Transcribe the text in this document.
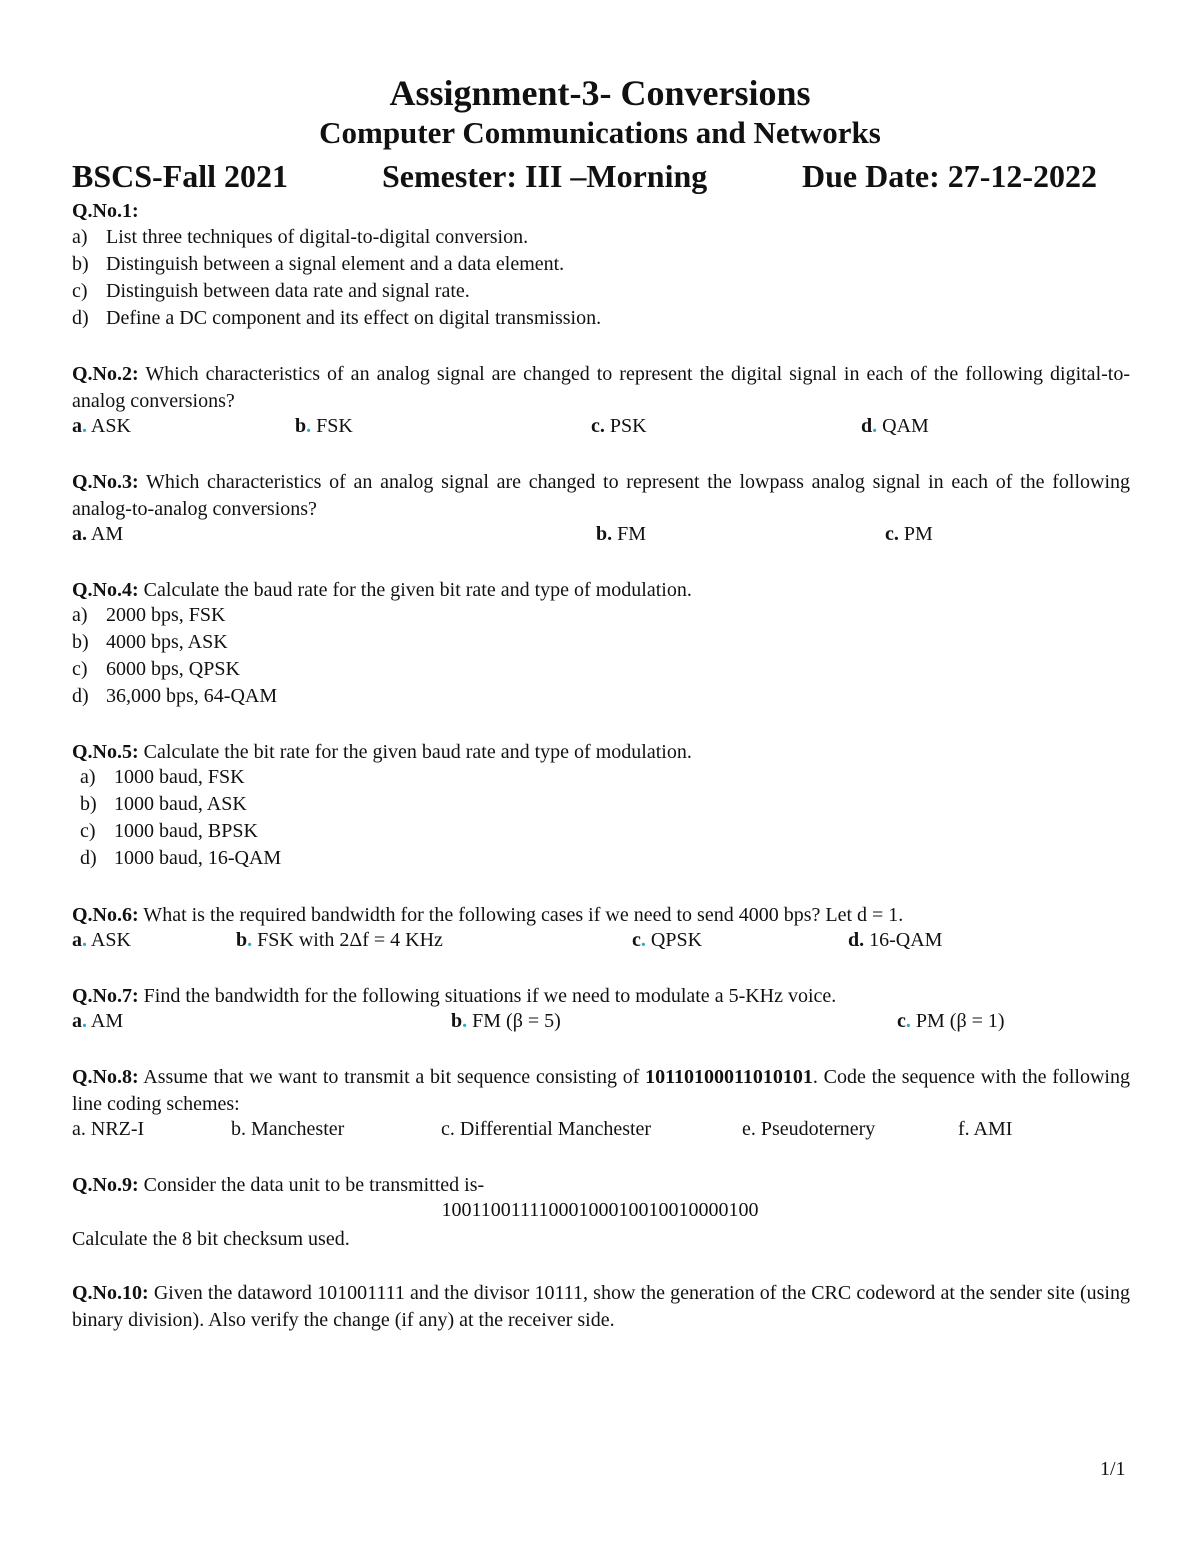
Assignment-3- Conversions
Computer Communications and Networks
BSCS-Fall 2021	Semester: III –Morning	Due Date: 27-12-2022
Q.No.1:
a) List three techniques of digital-to-digital conversion.
b) Distinguish between a signal element and a data element.
c) Distinguish between data rate and signal rate.
d) Define a DC component and its effect on digital transmission.
Q.No.2: Which characteristics of an analog signal are changed to represent the digital signal in each of the following digital-to-analog conversions?
a. ASK	b. FSK	c. PSK	d. QAM
Q.No.3: Which characteristics of an analog signal are changed to represent the lowpass analog signal in each of the following analog-to-analog conversions?
a. AM	b. FM	c. PM
Q.No.4: Calculate the baud rate for the given bit rate and type of modulation.
a) 2000 bps, FSK
b) 4000 bps, ASK
c) 6000 bps, QPSK
d) 36,000 bps, 64-QAM
Q.No.5: Calculate the bit rate for the given baud rate and type of modulation.
a) 1000 baud, FSK
b) 1000 baud, ASK
c) 1000 baud, BPSK
d) 1000 baud, 16-QAM
Q.No.6: What is the required bandwidth for the following cases if we need to send 4000 bps? Let d = 1.
a. ASK	b. FSK with 2Δf = 4 KHz	c. QPSK	d. 16-QAM
Q.No.7: Find the bandwidth for the following situations if we need to modulate a 5-KHz voice.
a. AM	b. FM (β = 5)	c. PM (β = 1)
Q.No.8: Assume that we want to transmit a bit sequence consisting of 10110100011010101. Code the sequence with the following line coding schemes:
a. NRZ-I	b. Manchester	c. Differential Manchester	e. Pseudoternery	f. AMI
Q.No.9: Consider the data unit to be transmitted is-
10011001111000100010010010000100
Calculate the 8 bit checksum used.
Q.No.10: Given the dataword 101001111 and the divisor 10111, show the generation of the CRC codeword at the sender site (using binary division). Also verify the change (if any) at the receiver side.
1/1
